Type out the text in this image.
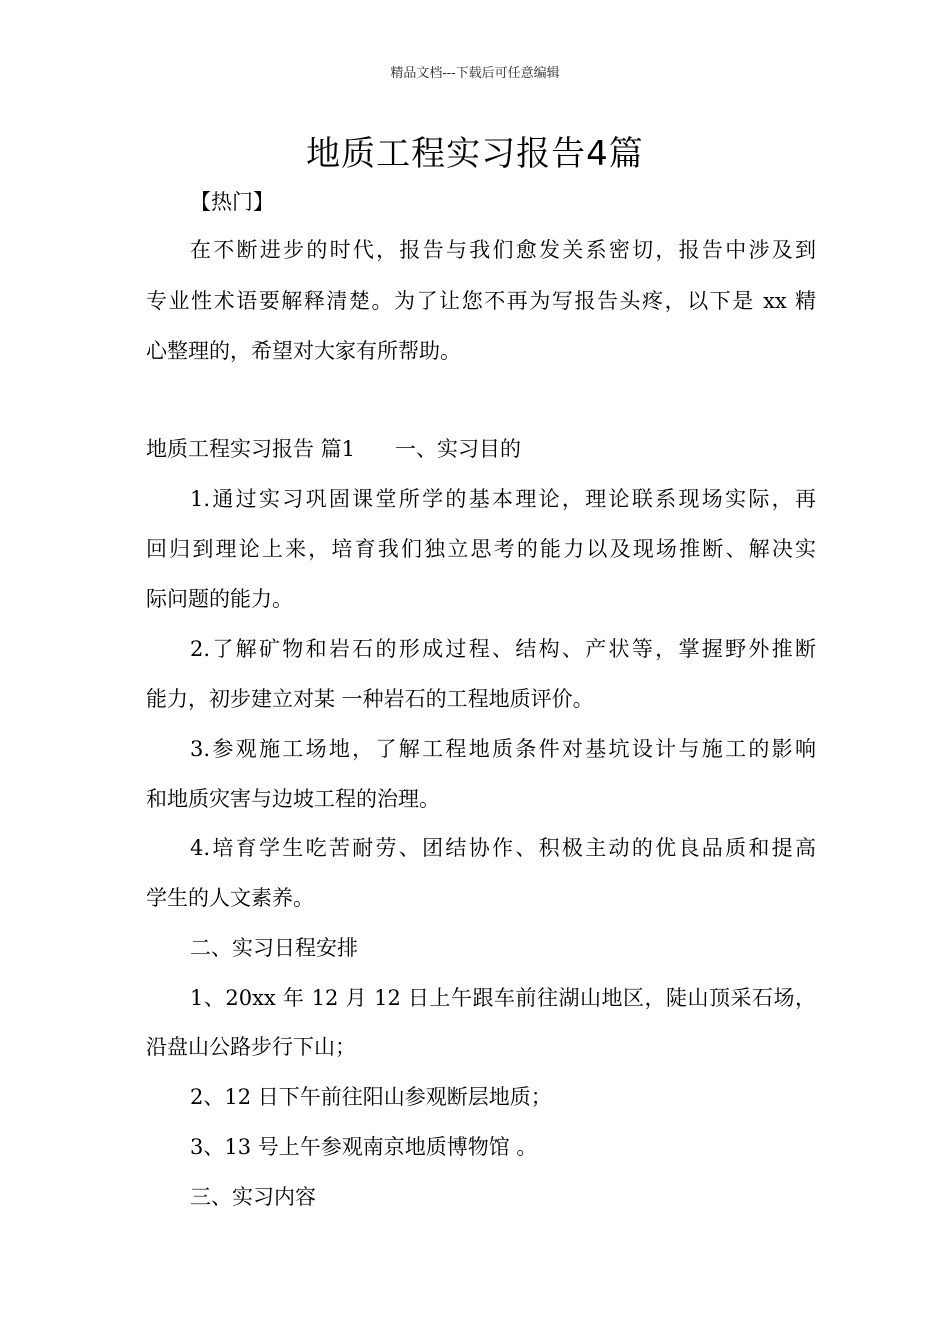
精品文档---下载后可任意编辑
地质工程实习报告4篇
【热门】
在不断进步的时代，报告与我们愈发关系密切，报告中涉及到
专业性术语要解释清楚。为了让您不再为写报告头疼，以下是 xx 精
心整理的，希望对大家有所帮助。
地质工程实习报告 篇1 一、实习目的
1.通过实习巩固课堂所学的基本理论，理论联系现场实际，再
回归到理论上来，培育我们独立思考的能力以及现场推断、解决实
际问题的能力。
2.了解矿物和岩石的形成过程、结构、产状等，掌握野外推断
能力，初步建立对某 一种岩石的工程地质评价。
3.参观施工场地，了解工程地质条件对基坑设计与施工的影响
和地质灾害与边坡工程的治理。
4.培育学生吃苦耐劳、团结协作、积极主动的优良品质和提高
学生的人文素养。
二、实习日程安排
1、20xx 年 12 月 12 日上午跟车前往湖山地区，陡山顶采石场，
沿盘山公路步行下山；
2、12 日下午前往阳山参观断层地质；
3、13 号上午参观南京地质博物馆 。
三、实习内容
